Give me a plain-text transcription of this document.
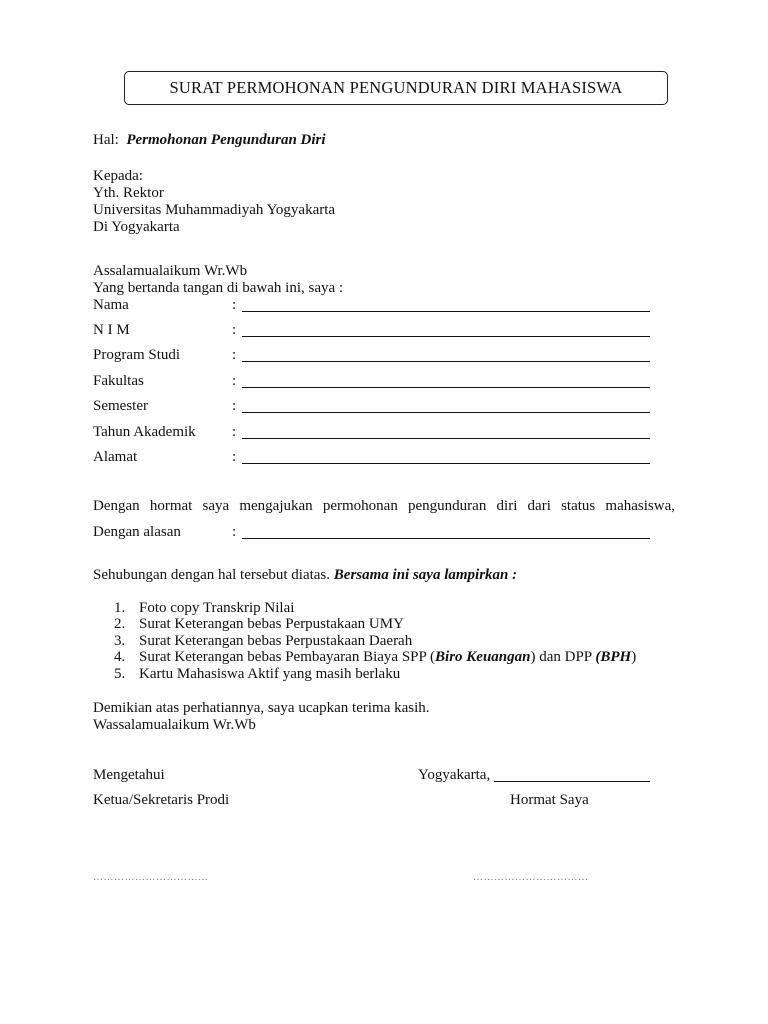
SURAT PERMOHONAN PENGUNDURAN DIRI MAHASISWA
Hal: Permohonan Pengunduran Diri
Kepada:
Yth. Rektor
Universitas Muhammadiyah Yogyakarta
Di Yogyakarta
Assalamualaikum Wr.Wb
Yang bertanda tangan di bawah ini, saya :
Nama	:
N I M	:
Program Studi	:
Fakultas	:
Semester	:
Tahun Akademik	:
Alamat	:
Dengan hormat saya mengajukan permohonan pengunduran diri dari status mahasiswa,
Dengan alasan	:
Sehubungan dengan hal tersebut diatas. Bersama ini saya lampirkan :
1. Foto copy Transkrip Nilai
2. Surat Keterangan bebas Perpustakaan UMY
3. Surat Keterangan bebas Perpustakaan Daerah
4. Surat Keterangan bebas Pembayaran Biaya SPP (Biro Keuangan) dan DPP (BPH)
5. Kartu Mahasiswa Aktif yang masih berlaku
Demikian atas perhatiannya, saya ucapkan terima kasih.
Wassalamualaikum Wr.Wb
Mengetahui	Yogyakarta,
Ketua/Sekretaris Prodi	Hormat Saya
……………………………	……………………………
